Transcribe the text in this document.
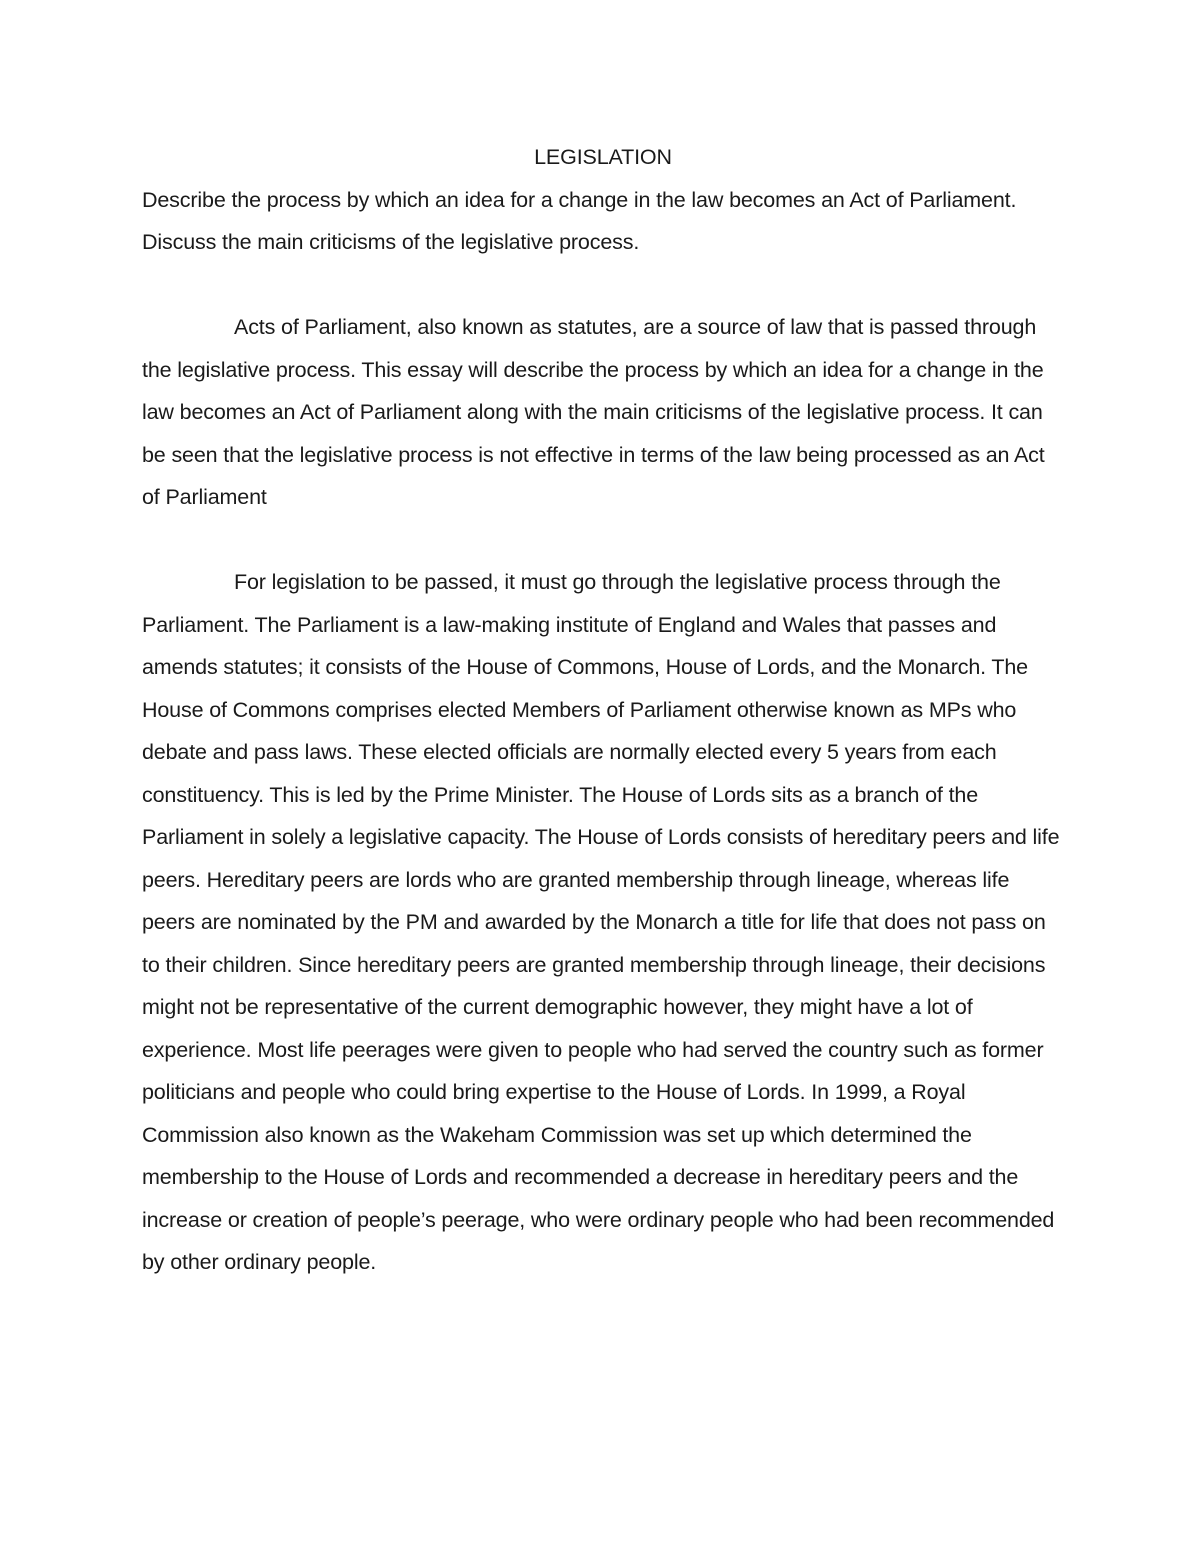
LEGISLATION

Describe the process by which an idea for a change in the law becomes an Act of Parliament. Discuss the main criticisms of the legislative process.

Acts of Parliament, also known as statutes, are a source of law that is passed through the legislative process. This essay will describe the process by which an idea for a change in the law becomes an Act of Parliament along with the main criticisms of the legislative process. It can be seen that the legislative process is not effective in terms of the law being processed as an Act of Parliament

For legislation to be passed, it must go through the legislative process through the Parliament. The Parliament is a law-making institute of England and Wales that passes and amends statutes; it consists of the House of Commons, House of Lords, and the Monarch. The House of Commons comprises elected Members of Parliament otherwise known as MPs who debate and pass laws. These elected officials are normally elected every 5 years from each constituency. This is led by the Prime Minister. The House of Lords sits as a branch of the Parliament in solely a legislative capacity. The House of Lords consists of hereditary peers and life peers. Hereditary peers are lords who are granted membership through lineage, whereas life peers are nominated by the PM and awarded by the Monarch a title for life that does not pass on to their children. Since hereditary peers are granted membership through lineage, their decisions might not be representative of the current demographic however, they might have a lot of experience. Most life peerages were given to people who had served the country such as former politicians and people who could bring expertise to the House of Lords. In 1999, a Royal Commission also known as the Wakeham Commission was set up which determined the membership to the House of Lords and recommended a decrease in hereditary peers and the increase or creation of people’s peerage, who were ordinary people who had been recommended by other ordinary people.
